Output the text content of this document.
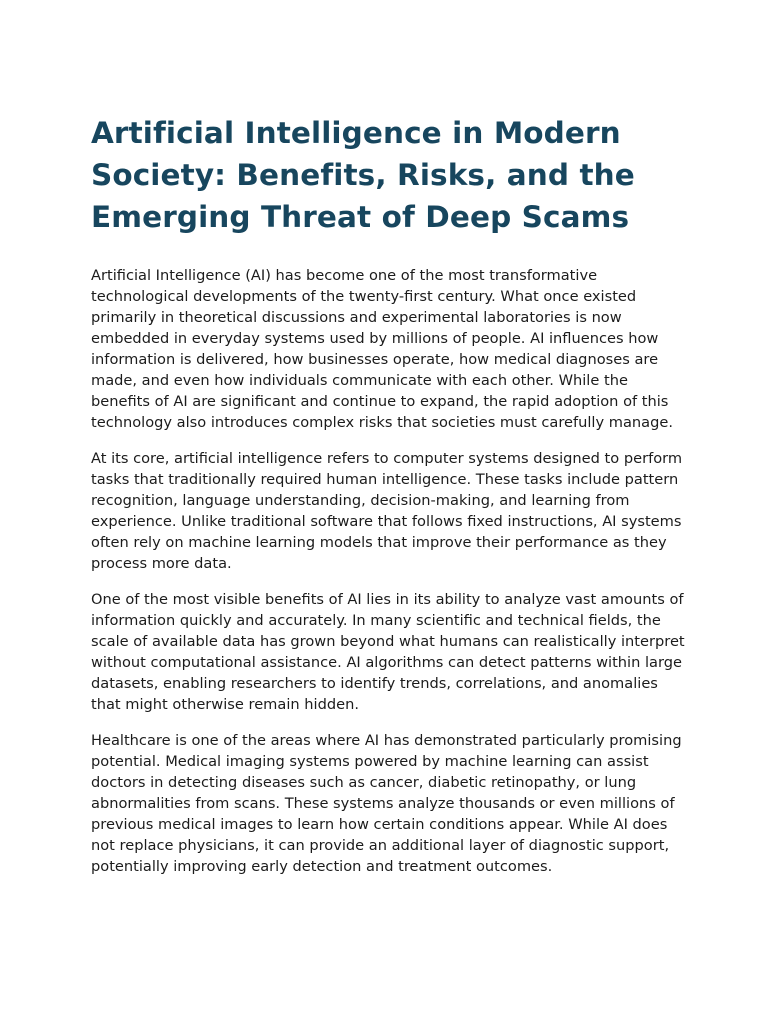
Artificial Intelligence in Modern Society: Benefits, Risks, and the Emerging Threat of Deep Scams

Artificial Intelligence (AI) has become one of the most transformative technological developments of the twenty-first century. What once existed primarily in theoretical discussions and experimental laboratories is now embedded in everyday systems used by millions of people. AI influences how information is delivered, how businesses operate, how medical diagnoses are made, and even how individuals communicate with each other. While the benefits of AI are significant and continue to expand, the rapid adoption of this technology also introduces complex risks that societies must carefully manage.

At its core, artificial intelligence refers to computer systems designed to perform tasks that traditionally required human intelligence. These tasks include pattern recognition, language understanding, decision-making, and learning from experience. Unlike traditional software that follows fixed instructions, AI systems often rely on machine learning models that improve their performance as they process more data.

One of the most visible benefits of AI lies in its ability to analyze vast amounts of information quickly and accurately. In many scientific and technical fields, the scale of available data has grown beyond what humans can realistically interpret without computational assistance. AI algorithms can detect patterns within large datasets, enabling researchers to identify trends, correlations, and anomalies that might otherwise remain hidden.

Healthcare is one of the areas where AI has demonstrated particularly promising potential. Medical imaging systems powered by machine learning can assist doctors in detecting diseases such as cancer, diabetic retinopathy, or lung abnormalities from scans. These systems analyze thousands or even millions of previous medical images to learn how certain conditions appear. While AI does not replace physicians, it can provide an additional layer of diagnostic support, potentially improving early detection and treatment outcomes.
